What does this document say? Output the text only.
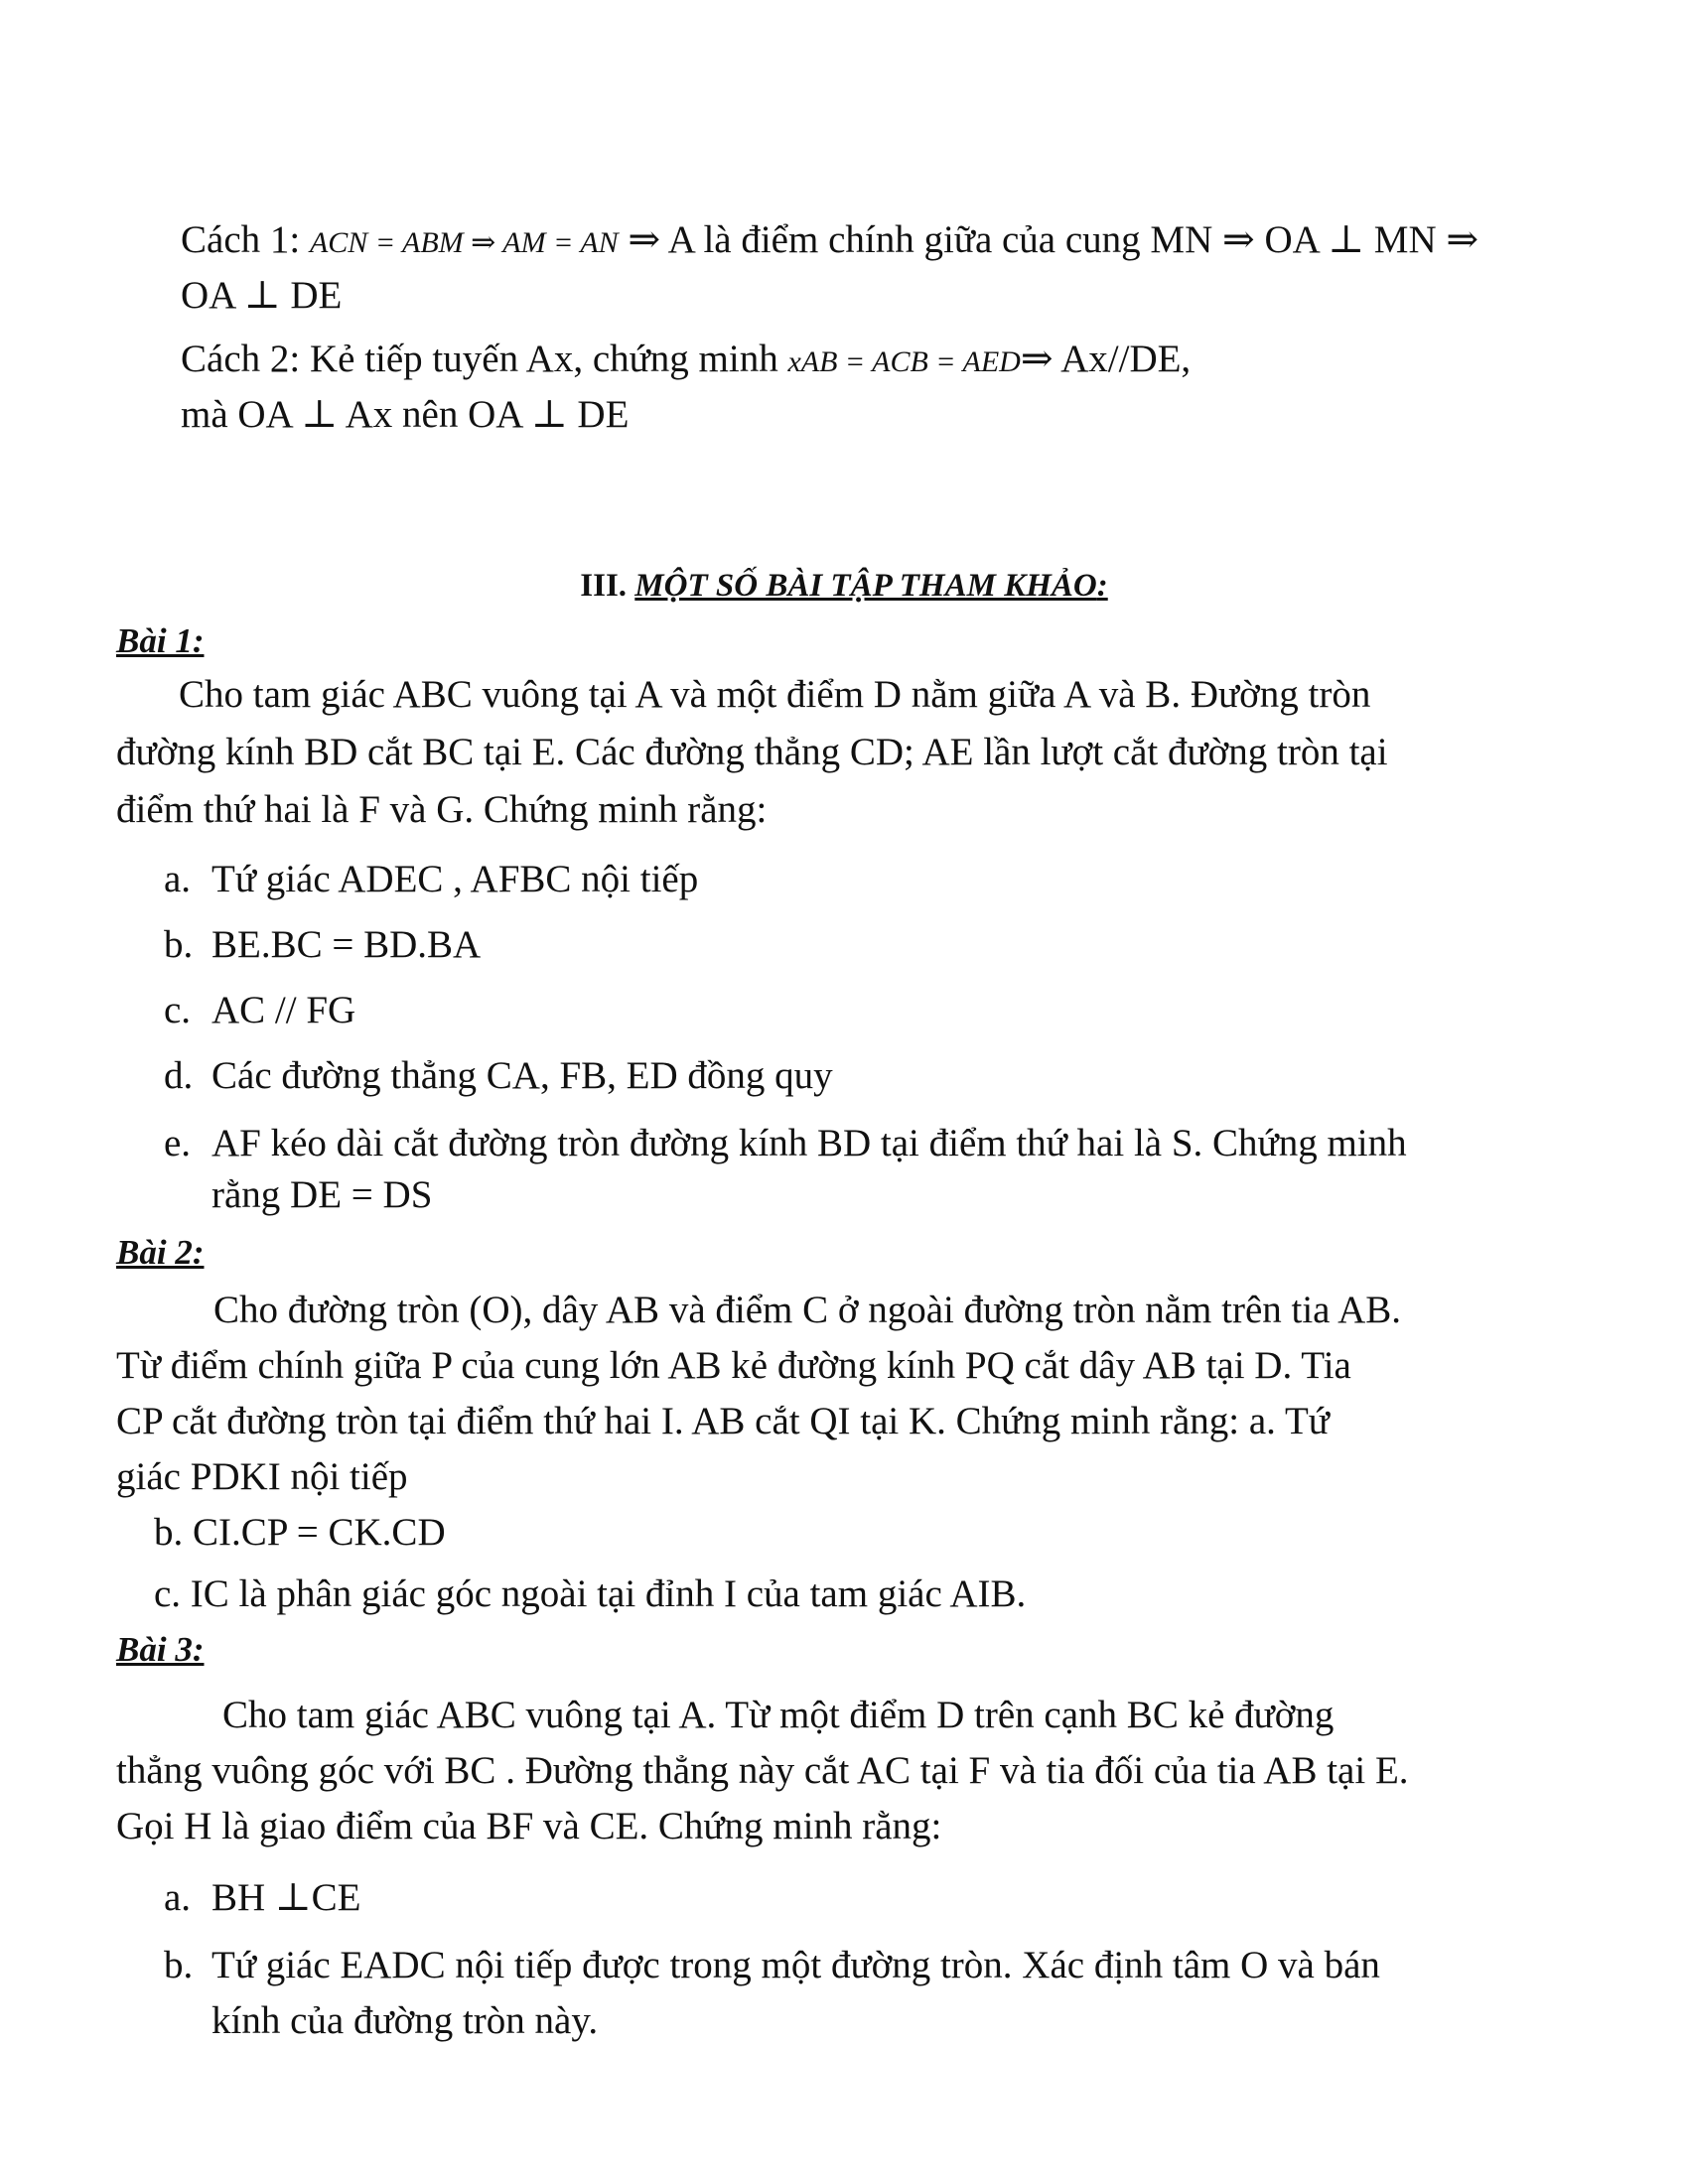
Cách 1: ACN = ABM ⇒ AM = AN ⇒ A là điểm chính giữa của cung MN ⇒ OA ⊥ MN ⇒
OA ⊥ DE
Cách 2: Kẻ tiếp tuyến Ax, chứng minh xAB = ACB = AED⇒ Ax//DE,
mà OA ⊥ Ax nên OA ⊥ DE
III. MỘT SỐ BÀI TẬP THAM KHẢO:
Bài 1:
Cho tam giác ABC vuông tại A và một điểm D nằm giữa A và B. Đường tròn
đường kính BD cắt BC tại E. Các đường thẳng CD; AE lần lượt cắt đường tròn tại
điểm thứ hai là F và G. Chứng minh rằng:
a. Tứ giác ADEC , AFBC nội tiếp
b. BE.BC = BD.BA
c. AC // FG
d. Các đường thẳng CA, FB, ED đồng quy
e. AF kéo dài cắt đường tròn đường kính BD tại điểm thứ hai là S. Chứng minh
rằng DE = DS
Bài 2:
Cho đường tròn (O), dây AB và điểm C ở ngoài đường tròn nằm trên tia AB.
Từ điểm chính giữa P của cung lớn AB kẻ đường kính PQ cắt dây AB tại D. Tia
CP cắt đường tròn tại điểm thứ hai I. AB cắt QI tại K. Chứng minh rằng: a. Tứ
giác PDKI nội tiếp
b. CI.CP = CK.CD
c. IC là phân giác góc ngoài tại đỉnh I của tam giác AIB.
Bài 3:
Cho tam giác ABC vuông tại A. Từ một điểm D trên cạnh BC kẻ đường
thẳng vuông góc với BC . Đường thẳng này cắt AC tại F và tia đối của tia AB tại E.
Gọi H là giao điểm của BF và CE. Chứng minh rằng:
a. BH ⊥CE
b. Tứ giác EADC nội tiếp được trong một đường tròn. Xác định tâm O và bán
kính của đường tròn này.
